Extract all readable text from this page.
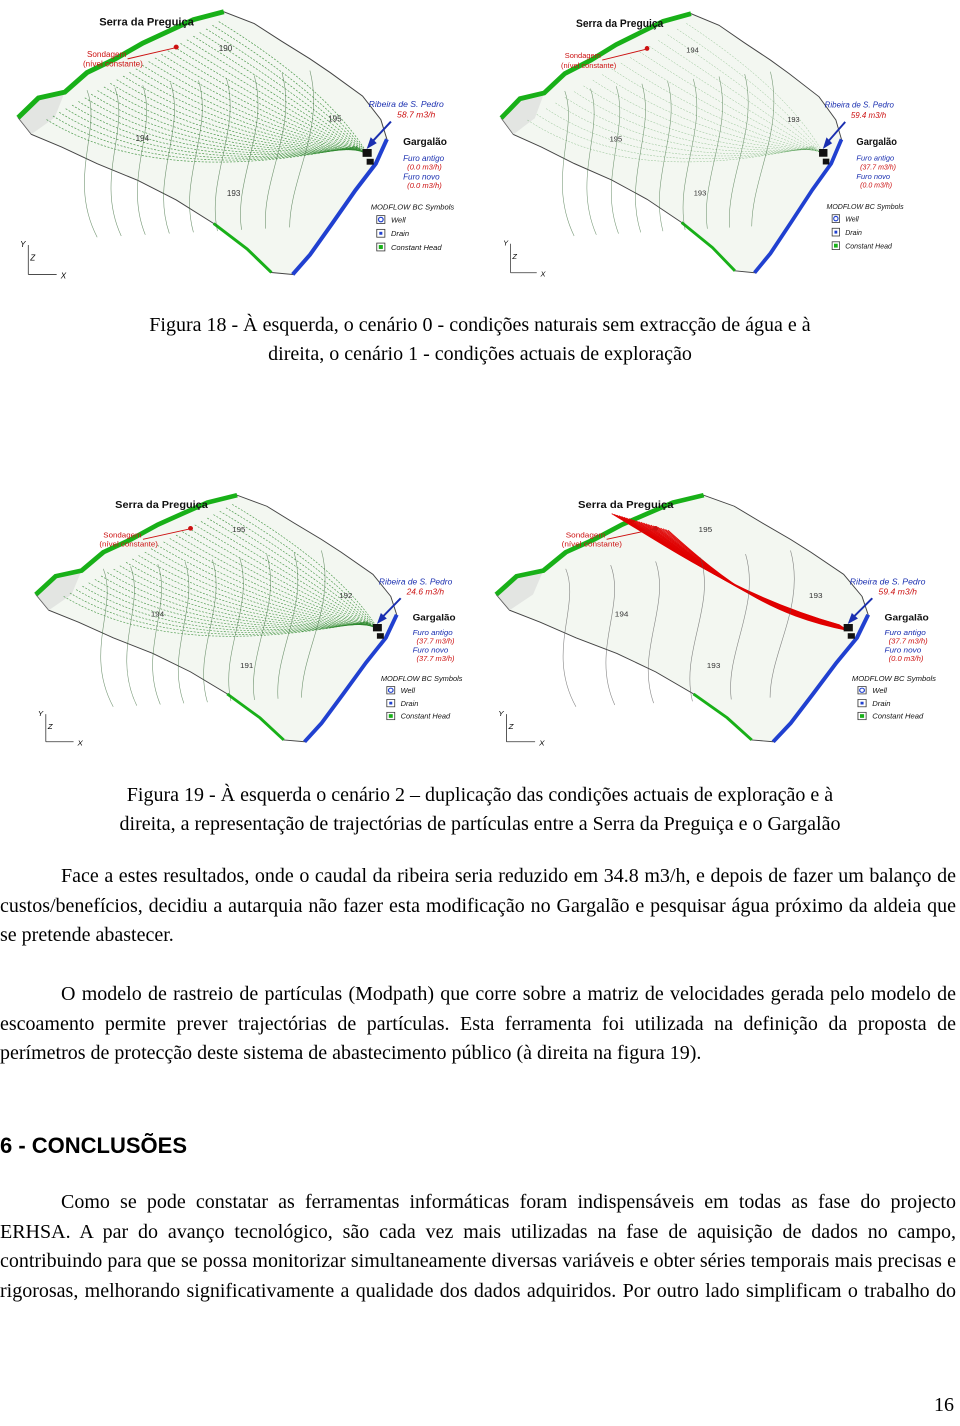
190
195
194
193
Serra da Preguiça
Sondagem
(nível constante)
Ribeira de S. Pedro
58.7 m3/h
Gargalão
Furo antigo
(0.0 m3/h)
Furo novo
(0.0 m3/h)
MODFLOW BC Symbols
Well
Drain
Constant Head
Y
Z
X
194
193
195
193
Serra da Preguiça
Sondagem
(nível constante)
Ribeira de S. Pedro
59.4 m3/h
Gargalão
Furo antigo
(37.7 m3/h)
Furo novo
(0.0 m3/h)
MODFLOW BC Symbols
Well
Drain
Constant Head
Y
Z
X

Figura 18 - À esquerda, o cenário 0 - condições naturais sem extracção de água e à

direita, o cenário 1 - condições actuais de exploração

195
192
194
191
Serra da Preguiça
Sondagem
(nível constante)
Ribeira de S. Pedro
24.6 m3/h
Gargalão
Furo antigo
(37.7 m3/h)
Furo novo
(37.7 m3/h)
MODFLOW BC Symbols
Well
Drain
Constant Head
Y
Z
X
195
193
194
193
Serra da Preguiça
Sondagem
(nível constante)
Ribeira de S. Pedro
59.4 m3/h
Gargalão
Furo antigo
(37.7 m3/h)
Furo novo
(0.0 m3/h)
MODFLOW BC Symbols
Well
Drain
Constant Head
Y
Z
X

Figura 19 - À esquerda o cenário 2 – duplicação das condições actuais de exploração e à

direita, a representação de trajectórias de partículas entre a Serra da Preguiça e o Gargalão

Face a estes resultados, onde o caudal da ribeira seria reduzido em 34.8 m3/h, e depois de fazer um balanço de custos/benefícios, decidiu a autarquia não fazer esta modificação no Gargalão e pesquisar água próximo da aldeia que se pretende abastecer.

O modelo de rastreio de partículas (Modpath) que corre sobre a matriz de velocidades gerada pelo modelo de escoamento permite prever trajectórias de partículas. Esta ferramenta foi utilizada na definição da proposta de perímetros de protecção deste sistema de abastecimento público (à direita na figura 19).

6 - CONCLUSÕES

Como se pode constatar as ferramentas informáticas foram indispensáveis em todas as fase do projecto ERHSA. A par do avanço tecnológico, são cada vez mais utilizadas na fase de aquisição de dados no campo, contribuindo para que se possa monitorizar simultaneamente diversas variáveis e obter séries temporais mais precisas e rigorosas, melhorando significativamente a qualidade dos dados adquiridos. Por outro lado simplificam o trabalho do

16
